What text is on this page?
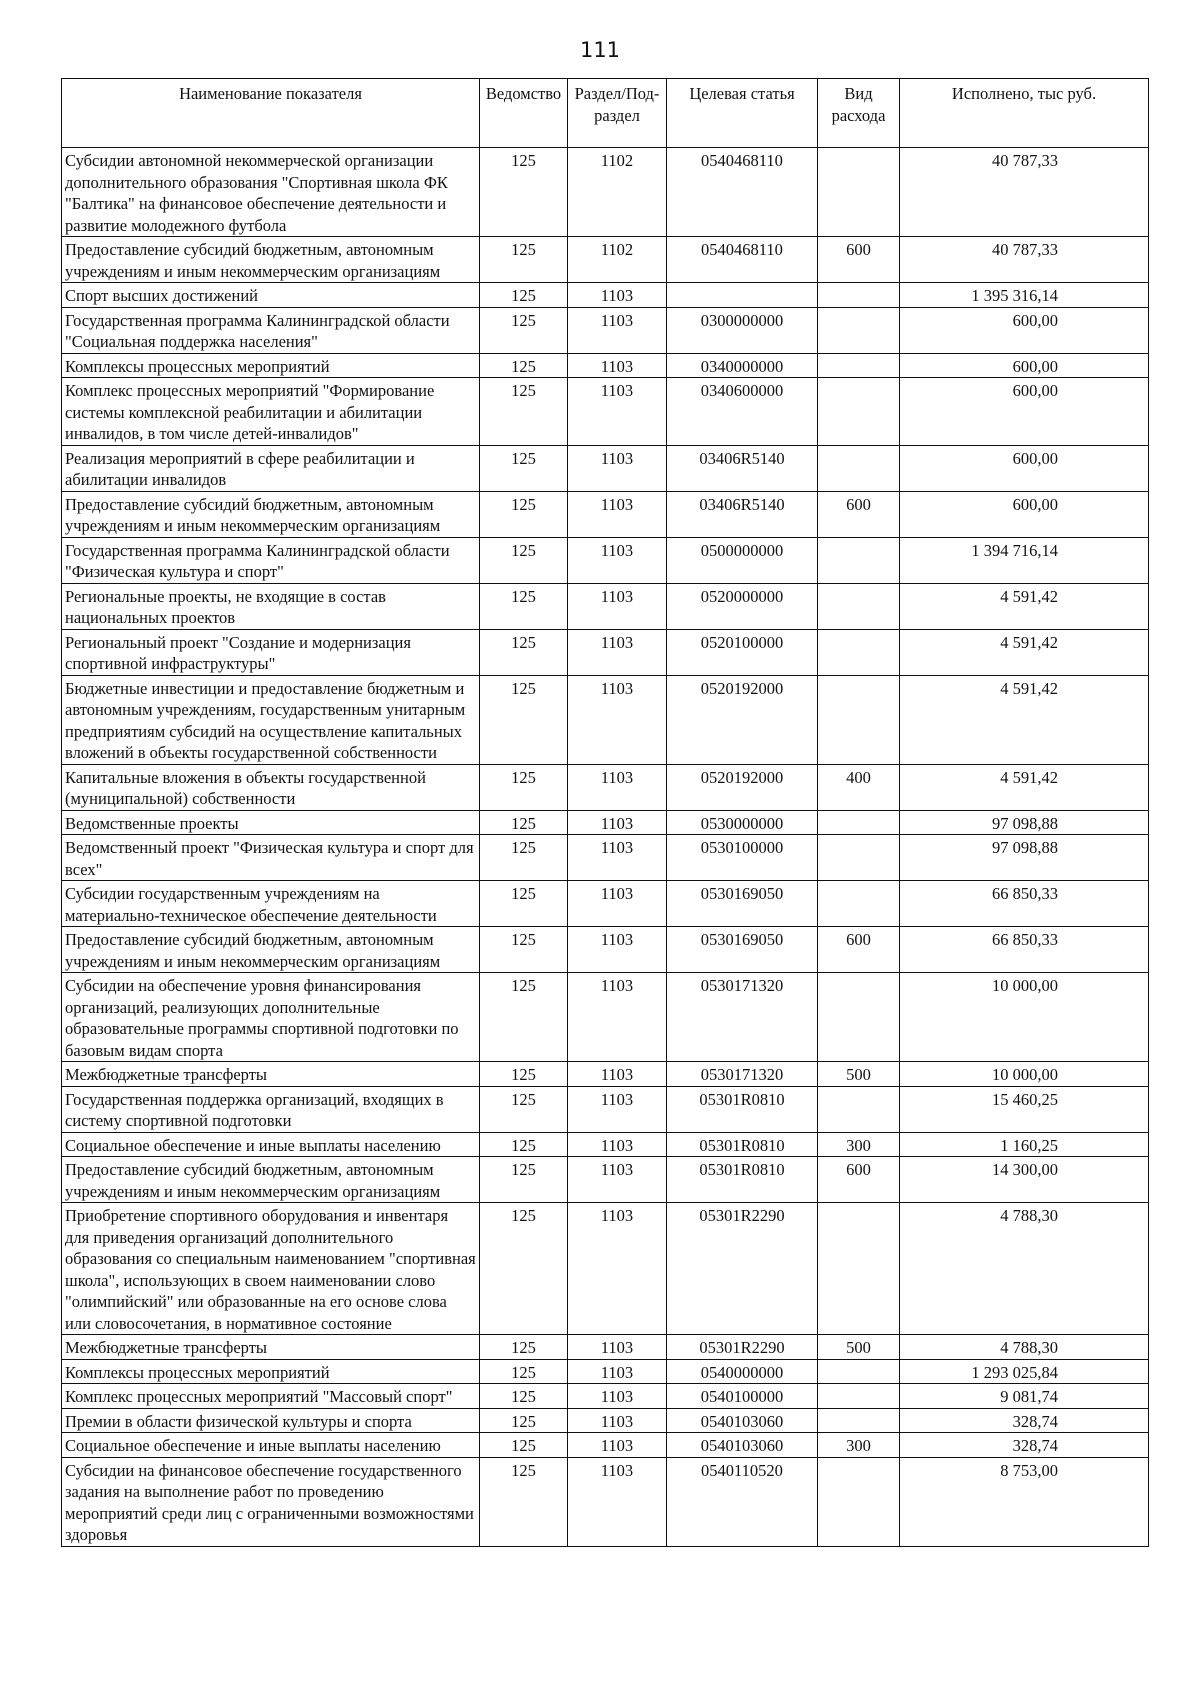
111
Наименование показателя	Ведомство	Раздел/Под-раздел	Целевая статья	Вид расхода	Исполнено, тыс руб.
Субсидии автономной некоммерческой организации дополнительного образования "Спортивная школа ФК "Балтика" на финансовое обеспечение деятельности и развитие молодежного футбола	125	1102	0540468110		40 787,33
Предоставление субсидий бюджетным, автономным учреждениям и иным некоммерческим организациям	125	1102	0540468110	600	40 787,33
Спорт высших достижений	125	1103			1 395 316,14
Государственная программа Калининградской области "Социальная поддержка населения"	125	1103	0300000000		600,00
Комплексы процессных мероприятий	125	1103	0340000000		600,00
Комплекс процессных мероприятий "Формирование системы комплексной реабилитации и абилитации инвалидов, в том числе детей-инвалидов"	125	1103	0340600000		600,00
Реализация мероприятий в сфере реабилитации и абилитации инвалидов	125	1103	03406R5140		600,00
Предоставление субсидий бюджетным, автономным учреждениям и иным некоммерческим организациям	125	1103	03406R5140	600	600,00
Государственная программа Калининградской области "Физическая культура и спорт"	125	1103	0500000000		1 394 716,14
Региональные проекты, не входящие в состав национальных проектов	125	1103	0520000000		4 591,42
Региональный проект "Создание и модернизация спортивной инфраструктуры"	125	1103	0520100000		4 591,42
Бюджетные инвестиции и предоставление бюджетным и автономным учреждениям, государственным унитарным предприятиям субсидий на осуществление капитальных вложений в объекты государственной собственности	125	1103	0520192000		4 591,42
Капитальные вложения в объекты государственной (муниципальной) собственности	125	1103	0520192000	400	4 591,42
Ведомственные проекты	125	1103	0530000000		97 098,88
Ведомственный проект "Физическая культура и спорт для всех"	125	1103	0530100000		97 098,88
Субсидии государственным учреждениям на материально-техническое обеспечение деятельности	125	1103	0530169050		66 850,33
Предоставление субсидий бюджетным, автономным учреждениям и иным некоммерческим организациям	125	1103	0530169050	600	66 850,33
Субсидии на обеспечение уровня финансирования организаций, реализующих дополнительные образовательные программы спортивной подготовки по базовым видам спорта	125	1103	0530171320		10 000,00
Межбюджетные трансферты	125	1103	0530171320	500	10 000,00
Государственная поддержка организаций, входящих в систему спортивной подготовки	125	1103	05301R0810		15 460,25
Социальное обеспечение и иные выплаты населению	125	1103	05301R0810	300	1 160,25
Предоставление субсидий бюджетным, автономным учреждениям и иным некоммерческим организациям	125	1103	05301R0810	600	14 300,00
Приобретение спортивного оборудования и инвентаря для приведения организаций дополнительного образования со специальным наименованием "спортивная школа", использующих в своем наименовании слово "олимпийский" или образованные на его основе слова или словосочетания, в нормативное состояние	125	1103	05301R2290		4 788,30
Межбюджетные трансферты	125	1103	05301R2290	500	4 788,30
Комплексы процессных мероприятий	125	1103	0540000000		1 293 025,84
Комплекс процессных мероприятий "Массовый спорт"	125	1103	0540100000		9 081,74
Премии в области физической культуры и спорта	125	1103	0540103060		328,74
Социальное обеспечение и иные выплаты населению	125	1103	0540103060	300	328,74
Субсидии на финансовое обеспечение государственного задания на выполнение работ по проведению мероприятий среди лиц с ограниченными возможностями здоровья	125	1103	0540110520		8 753,00
